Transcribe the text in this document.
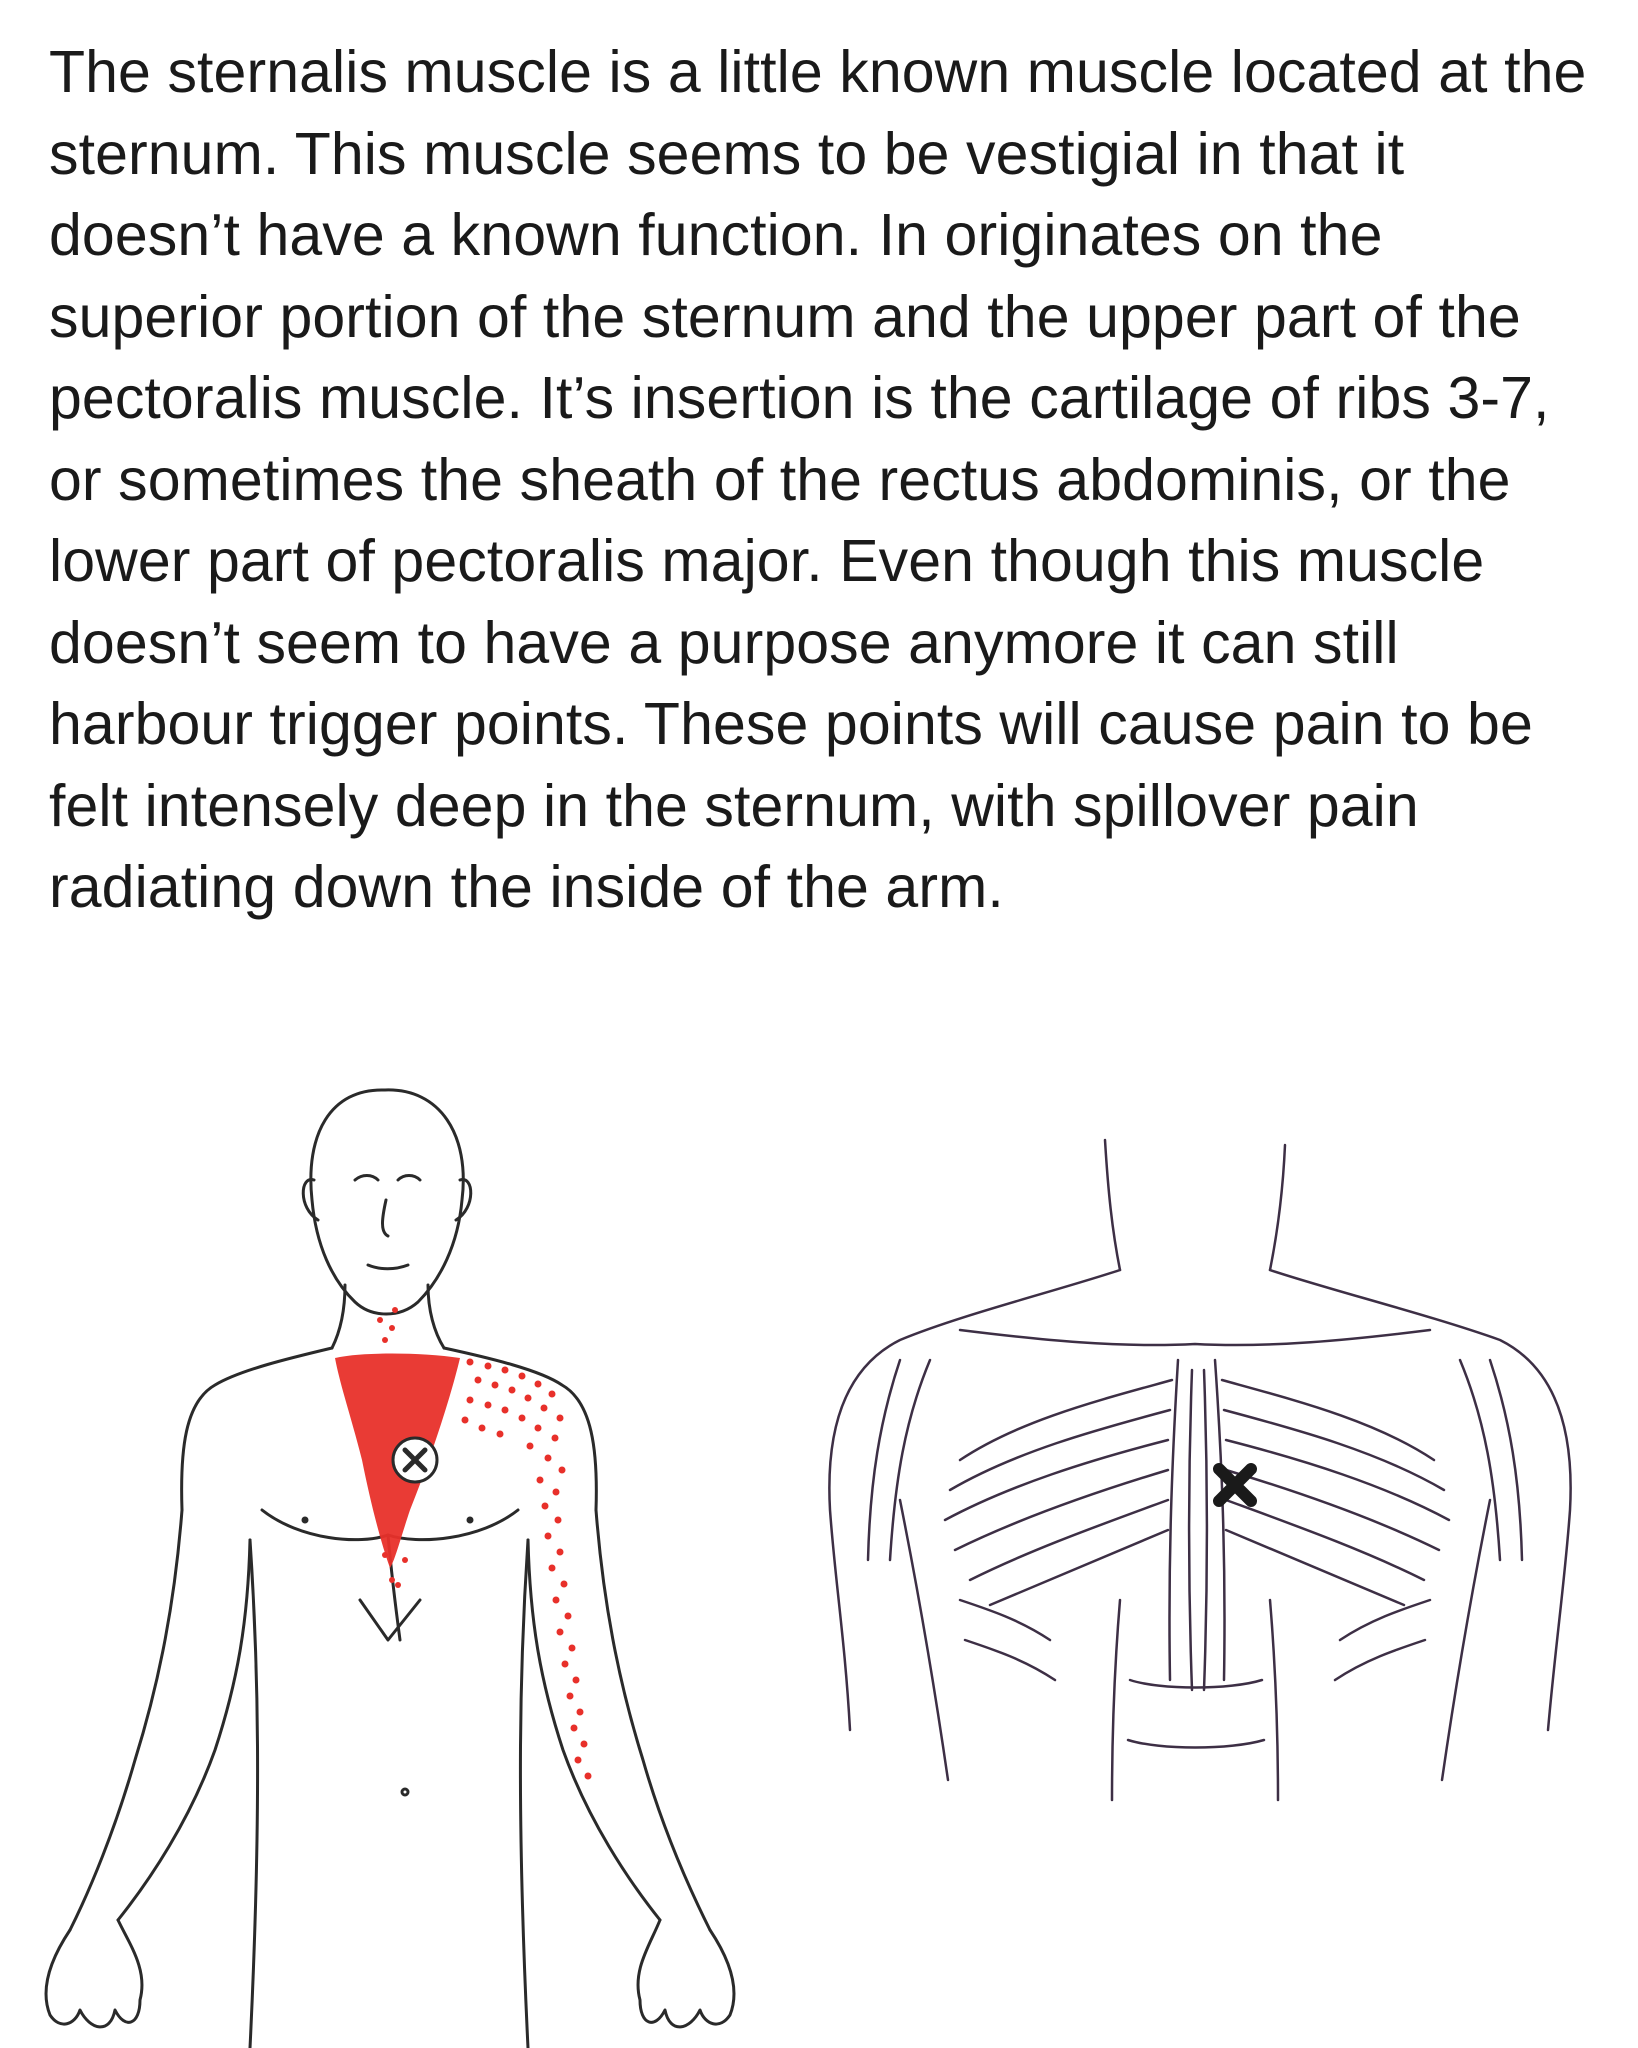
The sternalis muscle is a little known muscle located at the sternum. This muscle seems to be vestigial in that it doesn’t have a known function. In originates on the superior portion of the sternum and the upper part of the pectoralis muscle. It’s insertion is the cartilage of ribs 3-7, or sometimes the sheath of the rectus abdominis, or the lower part of pectoralis major. Even though this muscle doesn’t seem to have a purpose anymore it can still harbour trigger points. These points will cause pain to be felt intensely deep in the sternum, with spillover pain radiating down the inside of the arm.
